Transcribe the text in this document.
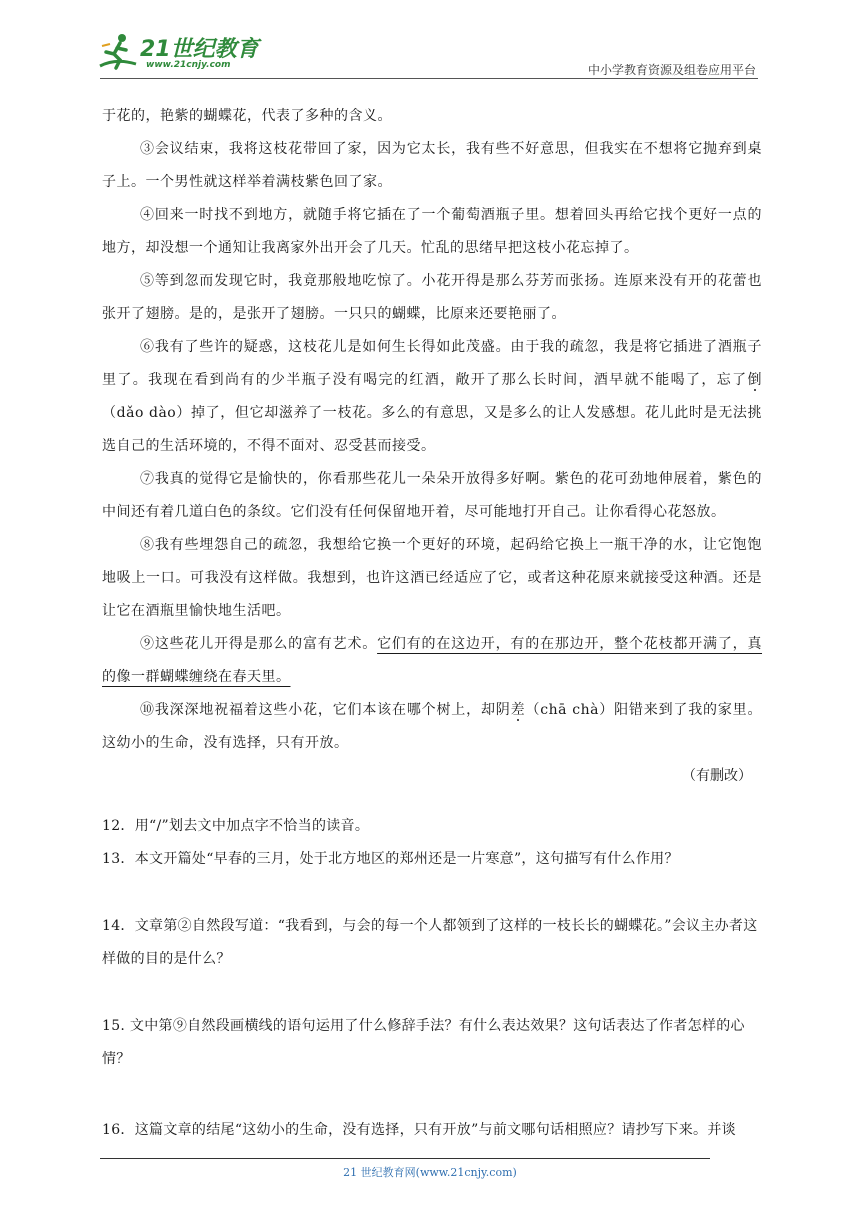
21世纪教育
www.21cnjy.com	中小学教育资源及组卷应用平台

于花的，艳紫的蝴蝶花，代表了多种的含义。

③会议结束，我将这枝花带回了家，因为它太长，我有些不好意思，但我实在不想将它抛弃到桌子上。一个男性就这样举着满枝紫色回了家。

④回来一时找不到地方，就随手将它插在了一个葡萄酒瓶子里。想着回头再给它找个更好一点的地方，却没想一个通知让我离家外出开会了几天。忙乱的思绪早把这枝小花忘掉了。

⑤等到忽而发现它时，我竟那般地吃惊了。小花开得是那么芬芳而张扬。连原来没有开的花蕾也张开了翅膀。是的，是张开了翅膀。一只只的蝴蝶，比原来还要艳丽了。

⑥我有了些许的疑惑，这枝花儿是如何生长得如此茂盛。由于我的疏忽，我是将它插进了酒瓶子里了。我现在看到尚有的少半瓶子没有喝完的红酒，敞开了那么长时间，酒早就不能喝了，忘了倒（dǎo dào）掉了，但它却滋养了一枝花。多么的有意思，又是多么的让人发感想。花儿此时是无法挑选自己的生活环境的，不得不面对、忍受甚而接受。

⑦我真的觉得它是愉快的，你看那些花儿一朵朵开放得多好啊。紫色的花可劲地伸展着，紫色的中间还有着几道白色的条纹。它们没有任何保留地开着，尽可能地打开自己。让你看得心花怒放。

⑧我有些埋怨自己的疏忽，我想给它换一个更好的环境，起码给它换上一瓶干净的水，让它饱饱地吸上一口。可我没有这样做。我想到，也许这酒已经适应了它，或者这种花原来就接受这种酒。还是让它在酒瓶里愉快地生活吧。

⑨这些花儿开得是那么的富有艺术。它们有的在这边开，有的在那边开，整个花枝都开满了，真的像一群蝴蝶缠绕在春天里。

⑩我深深地祝福着这些小花，它们本该在哪个树上，却阴差（chā chà）阳错来到了我的家里。这幼小的生命，没有选择，只有开放。

（有删改）

12．用“/”划去文中加点字不恰当的读音。

13．本文开篇处“早春的三月，处于北方地区的郑州还是一片寒意”，这句描写有什么作用？

14．文章第②自然段写道：“我看到，与会的每一个人都领到了这样的一枝长长的蝴蝶花。”会议主办者这样做的目的是什么？

15. 文中第⑨自然段画横线的语句运用了什么修辞手法？有什么表达效果？这句话表达了作者怎样的心情？

16．这篇文章的结尾“这幼小的生命，没有选择，只有开放”与前文哪句话相照应？请抄写下来。并谈

21 世纪教育网(www.21cnjy.com)
